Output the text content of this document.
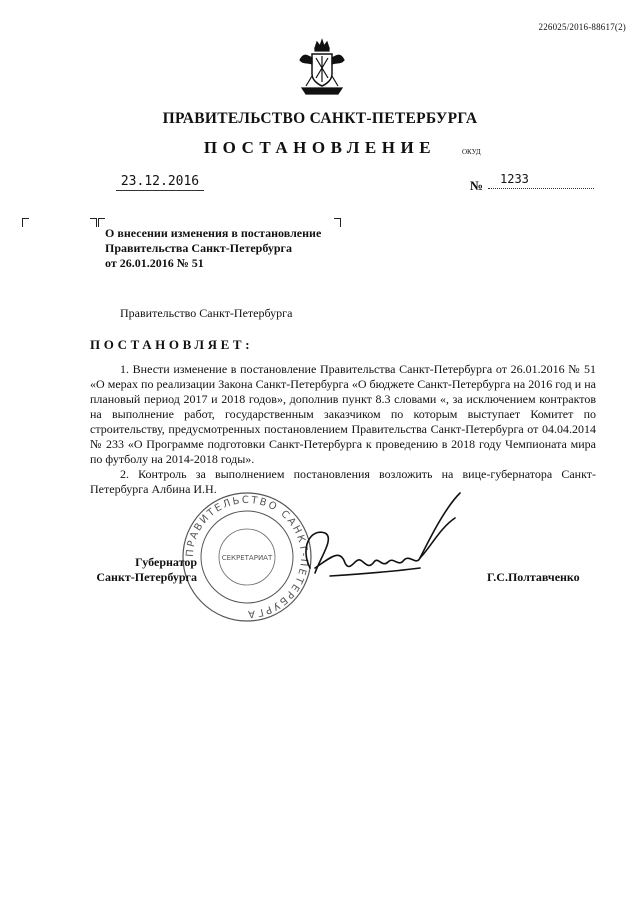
226025/2016-88617(2)
ПРАВИТЕЛЬСТВО САНКТ-ПЕТЕРБУРГА
ПОСТАНОВЛЕНИЕ	ОКУД
23.12.2016	№	1233
О внесении изменения в постановление
Правительства Санкт-Петербурга
от 26.01.2016 № 51
Правительство Санкт-Петербурга
ПОСТАНОВЛЯЕТ:

1. Внести изменение в постановление Правительства Санкт-Петербурга от 26.01.2016 № 51 «О мерах по реализации Закона Санкт-Петербурга «О бюджете Санкт-Петербурга на 2016 год и на плановый период 2017 и 2018 годов», дополнив пункт 8.3 словами «, за исключением контрактов на выполнение работ, государственным заказчиком по которым выступает Комитет по строительству, предусмотренных постановлением Правительства Санкт-Петербурга от 04.04.2014 № 233 «О Программе подготовки Санкт-Петербурга к проведению в 2018 году Чемпионата мира по футболу на 2014-2018 годы».

2. Контроль за выполнением постановления возложить на вице-губернатора Санкт-Петербурга Албина И.Н.

ПРАВИТЕЛЬСТВО САНКТ-ПЕТЕРБУРГА
СЕКРЕТАРИАТ
Губернатор
Санкт-Петербурга	Г.С.Полтавченко
